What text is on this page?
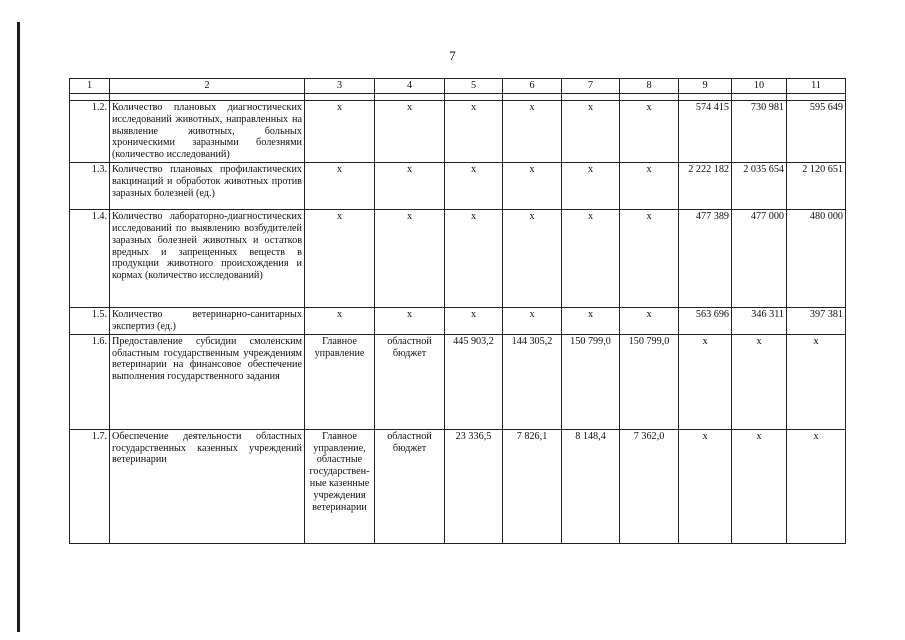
7
1	2	3	4	5	6	7	8	9	10	11

1.2.	Количество плановых диагностических исследований животных, направленных на выявление животных, больных хроническими заразными болезнями (количество исследований)	x	x	x	x	x	x	574 415	730 981	595 649
1.3.	Количество плановых профилактических вакцинаций и обработок животных против заразных болезней (ед.)	x	x	x	x	x	x	2 222 182	2 035 654	2 120 651
1.4.	Количество лабораторно-диагностических исследований по выявлению возбудителей заразных болезней животных и остатков вредных и запрещенных веществ в продукции животного происхождения и кормах (количество исследований)	x	x	x	x	x	x	477 389	477 000	480 000
1.5.	Количество ветеринарно-санитарных экспертиз (ед.)	x	x	x	x	x	x	563 696	346 311	397 381
1.6.	Предоставление субсидии смоленским областным государственным учреждениям ветеринарии на финансовое обеспечение выполнения государственного задания	Главное управление	областной бюджет	445 903,2	144 305,2	150 799,0	150 799,0	x	x	x
1.7.	Обеспечение деятельности областных государственных казенных учреждений ветеринарии	Главное управление, областные государствен-ные казенные учреждения ветеринарии	областной бюджет	23 336,5	7 826,1	8 148,4	7 362,0	x	x	x
